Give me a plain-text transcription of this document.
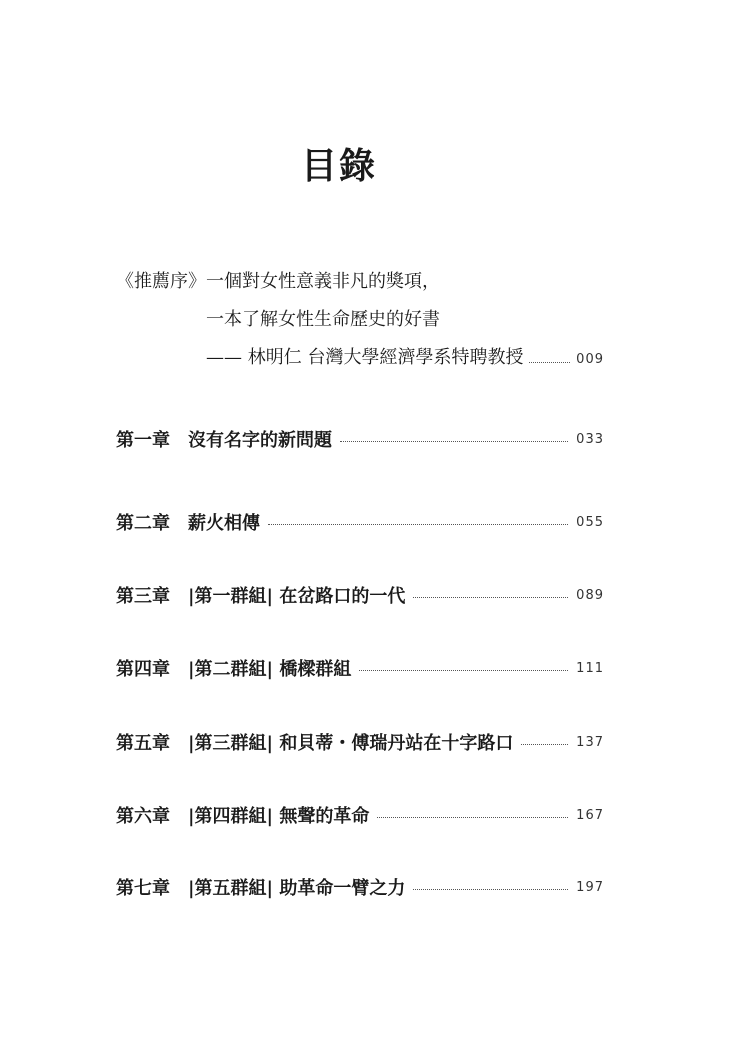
目錄
《推薦序》 一個對女性意義非凡的獎項，
一本了解女性生命歷史的好書
—— 林明仁 台灣大學經濟學系特聘教授	009
第一章	沒有名字的新問題	033
第二章	薪火相傳	055
第三章	|第一群組| 在岔路口的一代	089
第四章	|第二群組| 橋樑群組	111
第五章	|第三群組| 和貝蒂・傅瑞丹站在十字路口	137
第六章	|第四群組| 無聲的革命	167
第七章	|第五群組| 助革命一臂之力	197
